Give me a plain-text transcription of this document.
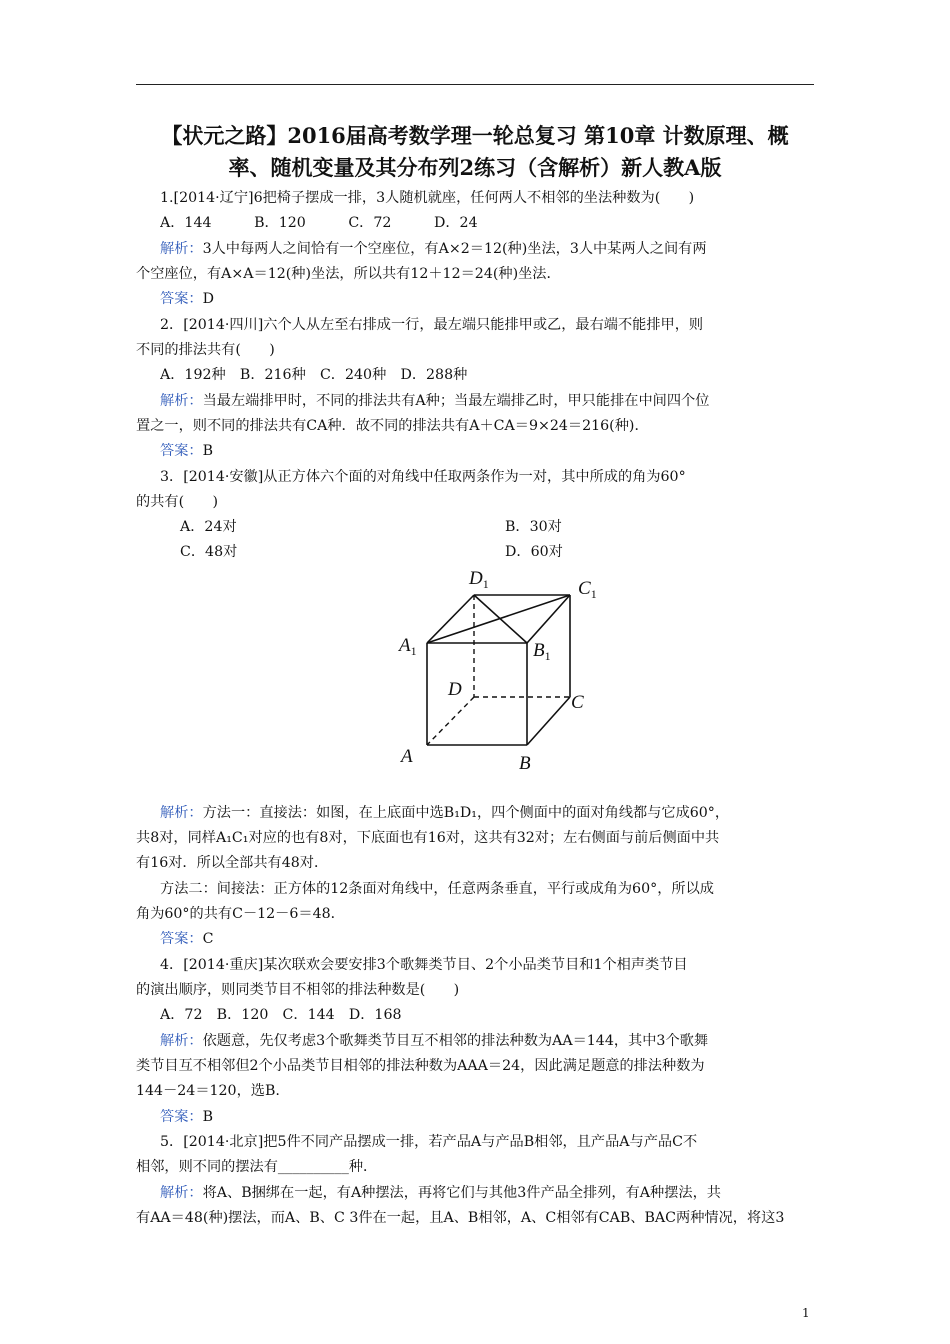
【状元之路】2016届高考数学理一轮总复习 第10章 计数原理、概
率、随机变量及其分布列2练习（含解析）新人教A版
1.[2014·辽宁]6把椅子摆成一排，3人随机就座，任何两人不相邻的坐法种数为(　　)
A．144　　　B．120　　　C．72　　　D．24
解析：3人中每两人之间恰有一个空座位，有A×2＝12(种)坐法，3人中某两人之间有两
个空座位，有A×A＝12(种)坐法，所以共有12＋12＝24(种)坐法．
答案：D
2．[2014·四川]六个人从左至右排成一行，最左端只能排甲或乙，最右端不能排甲，则
不同的排法共有(　　)
A．192种　B．216种　C．240种　D．288种
解析：当最左端排甲时，不同的排法共有A种；当最左端排乙时，甲只能排在中间四个位
置之一，则不同的排法共有CA种．故不同的排法共有A＋CA＝9×24＝216(种)．
答案：B
3．[2014·安徽]从正方体六个面的对角线中任取两条作为一对，其中所成的角为60°
的共有(　　)
A．24对	B．30对
C．48对	D．60对
$D_1$	$C_1$
$A_1$	$B_1$
D
C
A	B
解析：方法一：直接法：如图，在上底面中选B₁D₁，四个侧面中的面对角线都与它成60°，
共8对，同样A₁C₁对应的也有8对，下底面也有16对，这共有32对；左右侧面与前后侧面中共
有16对．所以全部共有48对．
方法二：间接法：正方体的12条面对角线中，任意两条垂直，平行或成角为60°，所以成
角为60°的共有C－12－6＝48．
答案：C
4．[2014·重庆]某次联欢会要安排3个歌舞类节目、2个小品类节目和1个相声类节目
的演出顺序，则同类节目不相邻的排法种数是(　　)
A．72　B．120　C．144　D．168
解析：依题意，先仅考虑3个歌舞类节目互不相邻的排法种数为AA＝144，其中3个歌舞
类节目互不相邻但2个小品类节目相邻的排法种数为AAA＝24，因此满足题意的排法种数为
144－24＝120，选B.
答案：B
5．[2014·北京]把5件不同产品摆成一排，若产品A与产品B相邻，且产品A与产品C不
相邻，则不同的摆法有__________种．
解析：将A、B捆绑在一起，有A种摆法，再将它们与其他3件产品全排列，有A种摆法，共
有AA＝48(种)摆法，而A、B、C 3件在一起，且A、B相邻，A、C相邻有CAB、BAC两种情况，将这3
1
